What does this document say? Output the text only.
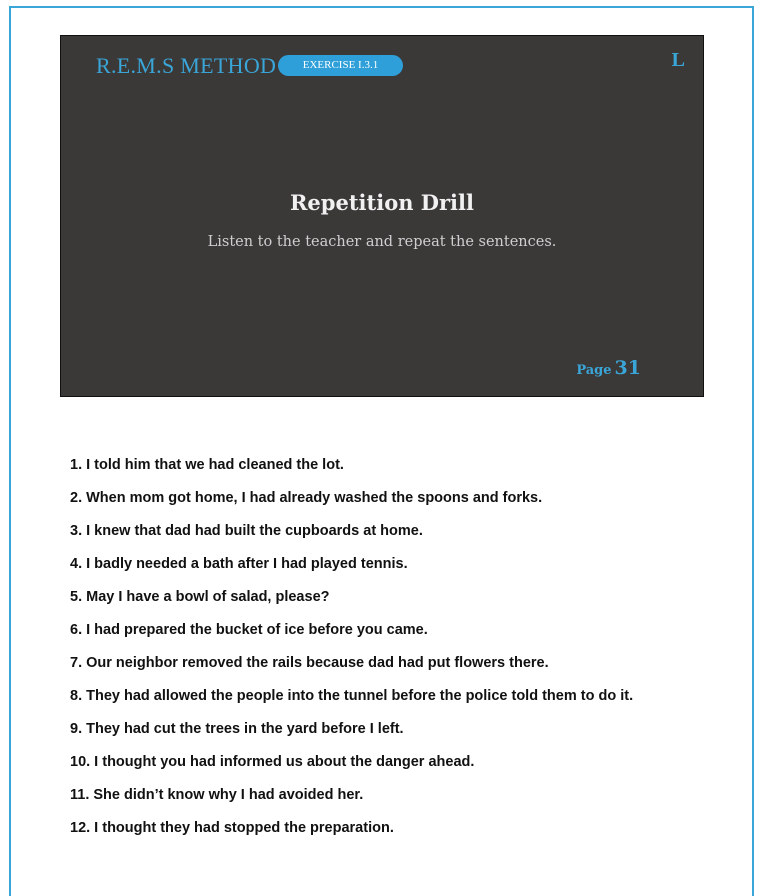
R.E.M.S METHOD	EXERCISE I.3.1	L
Repetition Drill
Listen to the teacher and repeat the sentences.
Page 31
1. I told him that we had cleaned the lot.
2. When mom got home, I had already washed the spoons and forks.
3. I knew that dad had built the cupboards at home.
4. I badly needed a bath after I had played tennis.
5. May I have a bowl of salad, please?
6. I had prepared the bucket of ice before you came.
7. Our neighbor removed the rails because dad had put flowers there.
8. They had allowed the people into the tunnel before the police told them to do it.
9. They had cut the trees in the yard before I left.
10. I thought you had informed us about the danger ahead.
11. She didn’t know why I had avoided her.
12. I thought they had stopped the preparation.
